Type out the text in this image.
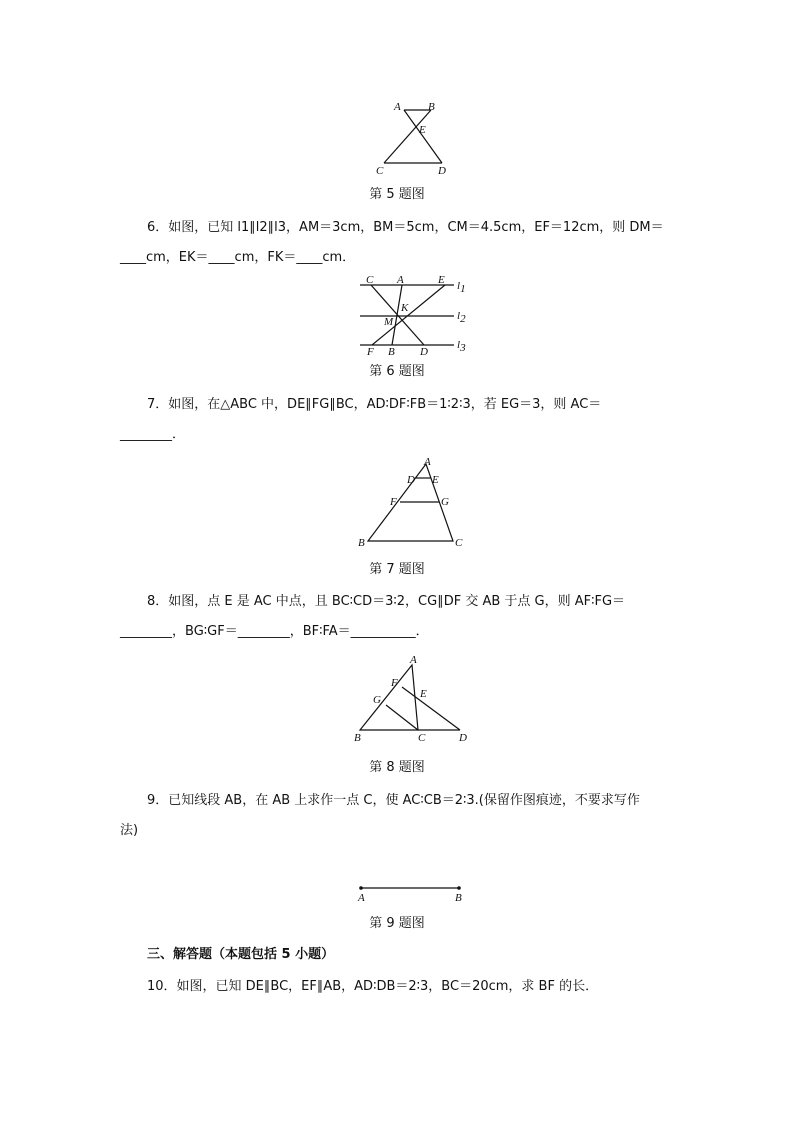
A B
E
C	D
第 5 题图
6．如图，已知 l1∥l2∥l3，AM＝3cm，BM＝5cm，CM＝4.5cm，EF＝12cm，则 DM＝
____cm，EK＝____cm，FK＝____cm．
C A	E
K
M
F B D
l1
l2
l3
第 6 题图
7．如图，在△ABC 中，DE∥FG∥BC，AD∶DF∶FB＝1∶2∶3，若 EG＝3，则 AC＝
________．
A
D E
F	G
B	C
第 7 题图
8．如图，点 E 是 AC 中点，且 BC∶CD＝3∶2，CG∥DF 交 AB 于点 G，则 AF∶FG＝
________，BG∶GF＝________，BF∶FA＝__________．
A
F
G	E
B	C	D
第 8 题图
9．已知线段 AB，在 AB 上求作一点 C，使 AC∶CB＝2∶3.(保留作图痕迹，不要求写作
法)
A	B
第 9 题图
三、解答题（本题包括 5 小题）
10．如图，已知 DE∥BC，EF∥AB，AD∶DB＝2∶3，BC＝20cm，求 BF 的长．
